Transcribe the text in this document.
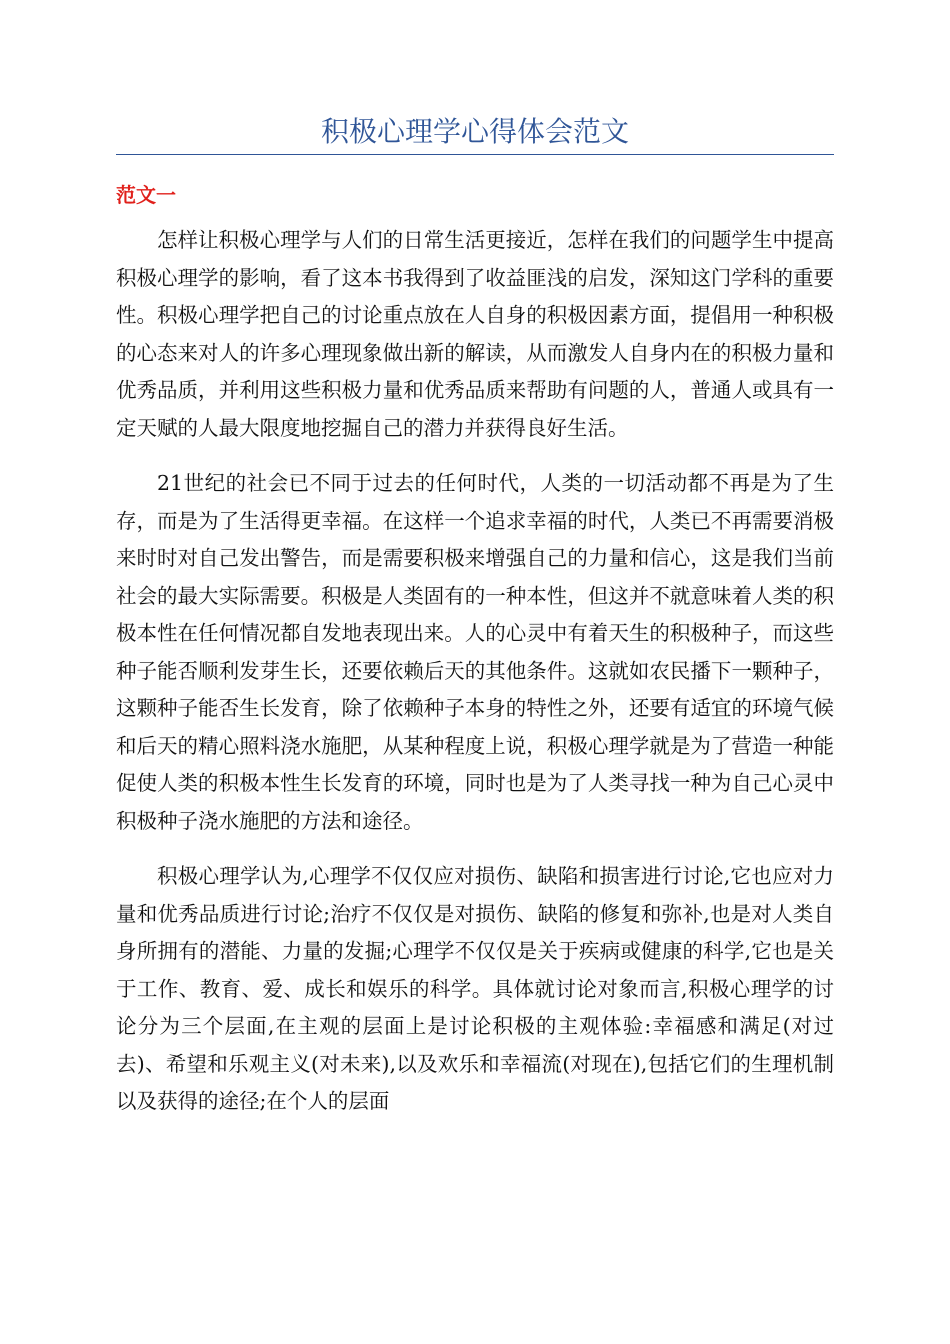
积极心理学心得体会范文
范文一

怎样让积极心理学与人们的日常生活更接近，怎样在我们的问题学生中提高积极心理学的影响，看了这本书我得到了收益匪浅的启发，深知这门学科的重要性。积极心理学把自己的讨论重点放在人自身的积极因素方面，提倡用一种积极的心态来对人的许多心理现象做出新的解读，从而激发人自身内在的积极力量和优秀品质，并利用这些积极力量和优秀品质来帮助有问题的人，普通人或具有一定天赋的人最大限度地挖掘自己的潜力并获得良好生活。

21世纪的社会已不同于过去的任何时代，人类的一切活动都不再是为了生存，而是为了生活得更幸福。在这样一个追求幸福的时代，人类已不再需要消极来时时对自己发出警告，而是需要积极来增强自己的力量和信心，这是我们当前社会的最大实际需要。积极是人类固有的一种本性，但这并不就意味着人类的积极本性在任何情况都自发地表现出来。人的心灵中有着天生的积极种子，而这些种子能否顺利发芽生长，还要依赖后天的其他条件。这就如农民播下一颗种子，这颗种子能否生长发育，除了依赖种子本身的特性之外，还要有适宜的环境气候和后天的精心照料浇水施肥，从某种程度上说，积极心理学就是为了营造一种能促使人类的积极本性生长发育的环境，同时也是为了人类寻找一种为自己心灵中积极种子浇水施肥的方法和途径。

积极心理学认为,心理学不仅仅应对损伤、缺陷和损害进行讨论,它也应对力量和优秀品质进行讨论;治疗不仅仅是对损伤、缺陷的修复和弥补,也是对人类自身所拥有的潜能、力量的发掘;心理学不仅仅是关于疾病或健康的科学,它也是关于工作、教育、爱、成长和娱乐的科学。具体就讨论对象而言,积极心理学的讨论分为三个层面,在主观的层面上是讨论积极的主观体验:幸福感和满足(对过去)、希望和乐观主义(对未来),以及欢乐和幸福流(对现在),包括它们的生理机制以及获得的途径;在个人的层面
